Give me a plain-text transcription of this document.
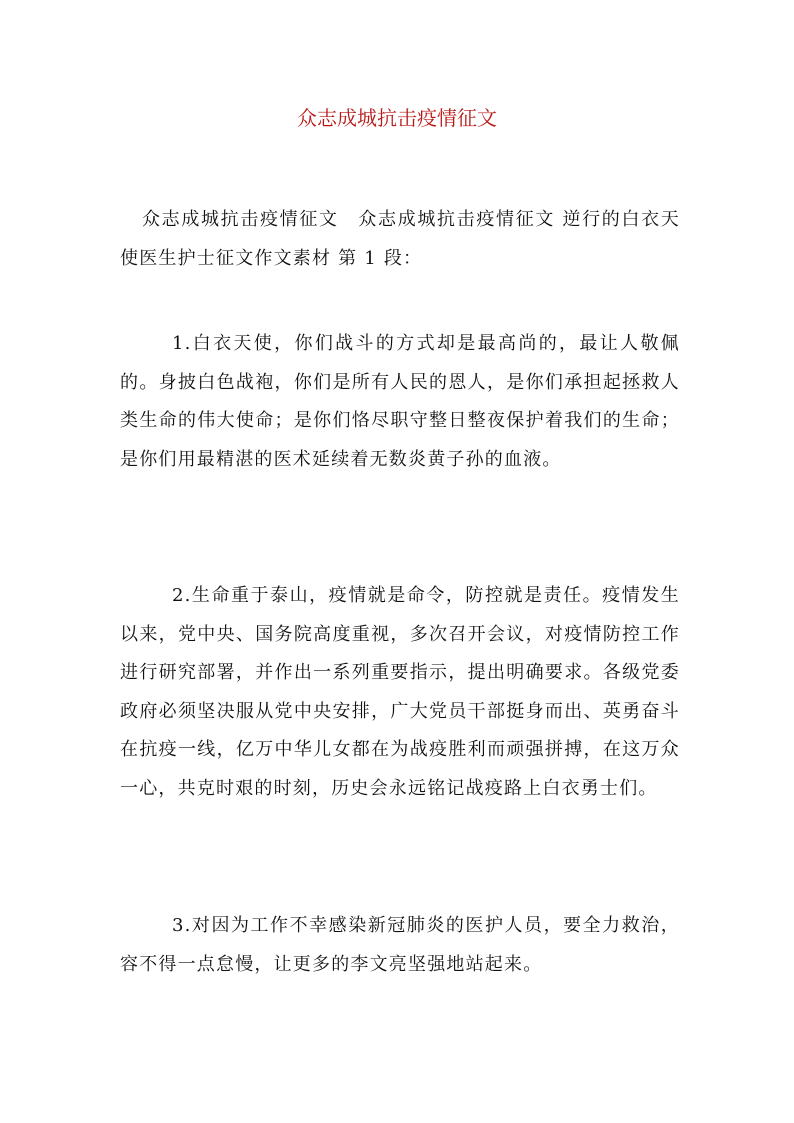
众志成城抗击疫情征文

众志成城抗击疫情征文　众志成城抗击疫情征文 逆行的白衣天使医生护士征文作文素材 第 1 段：

1.白衣天使，你们战斗的方式却是最高尚的，最让人敬佩的。身披白色战袍，你们是所有人民的恩人，是你们承担起拯救人类生命的伟大使命；是你们恪尽职守整日整夜保护着我们的生命；是你们用最精湛的医术延续着无数炎黄子孙的血液。

2.生命重于泰山，疫情就是命令，防控就是责任。疫情发生以来，党中央、国务院高度重视，多次召开会议，对疫情防控工作进行研究部署，并作出一系列重要指示，提出明确要求。各级党委政府必须坚决服从党中央安排，广大党员干部挺身而出、英勇奋斗在抗疫一线，亿万中华儿女都在为战疫胜利而顽强拼搏，在这万众一心，共克时艰的时刻，历史会永远铭记战疫路上白衣勇士们。

3.对因为工作不幸感染新冠肺炎的医护人员，要全力救治，容不得一点怠慢，让更多的李文亮坚强地站起来。
